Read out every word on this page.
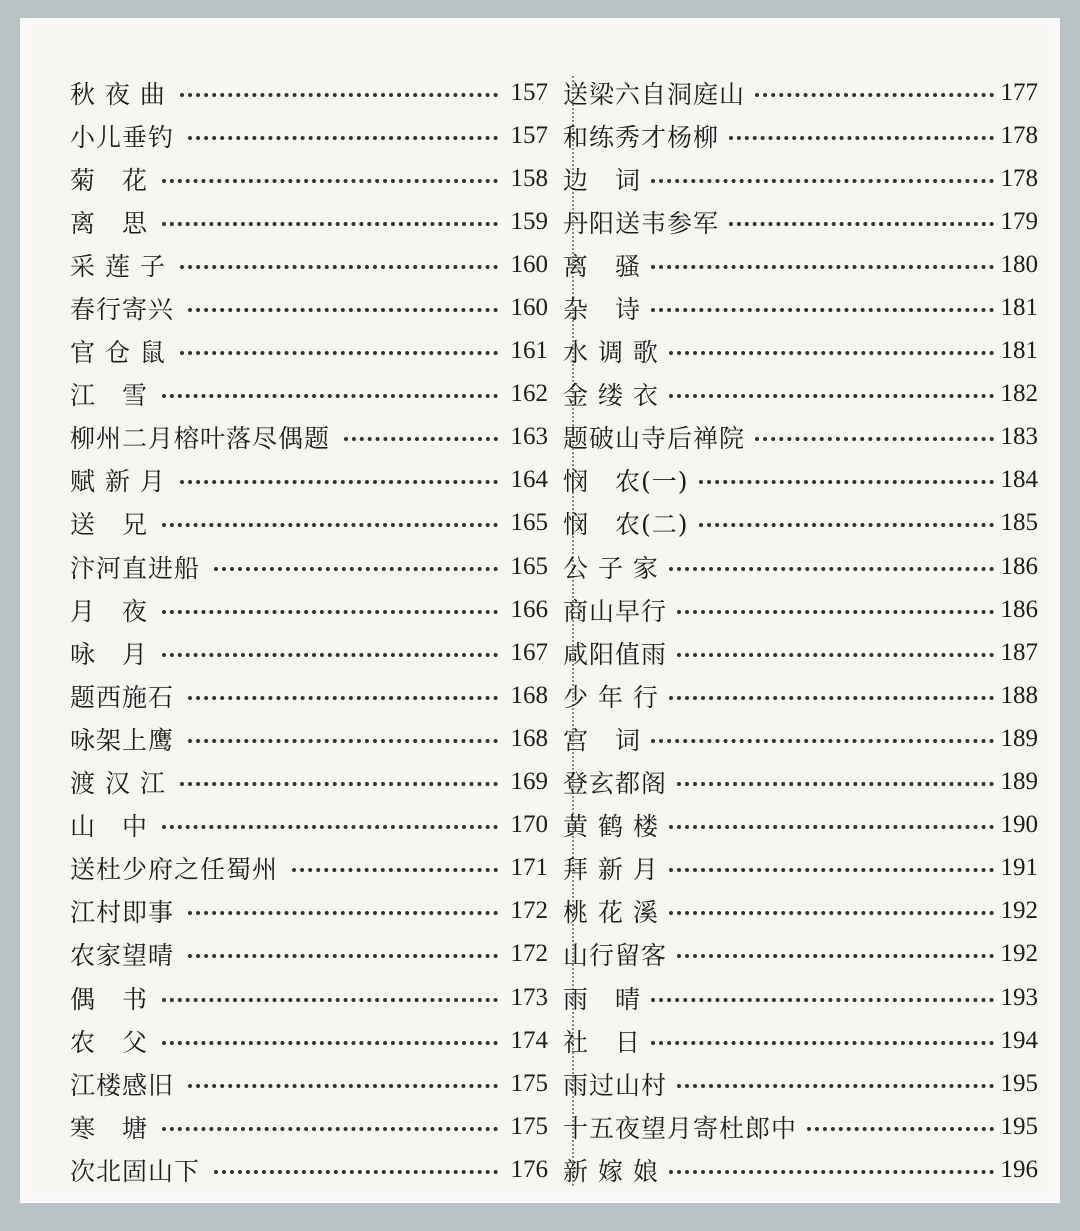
秋 夜 曲	157
小儿垂钓	157
菊　花	158
离　思	159
采 莲 子	160
春行寄兴	160
官 仓 鼠	161
江　雪	162
柳州二月榕叶落尽偶题	163
赋 新 月	164
送　兄	165
汴河直进船	165
月　夜	166
咏　月	167
题西施石	168
咏架上鹰	168
渡 汉 江	169
山　中	170
送杜少府之任蜀州	171
江村即事	172
农家望晴	172
偶　书	173
农　父	174
江楼感旧	175
寒　塘	175
次北固山下	176
送梁六自洞庭山	177
和练秀才杨柳	178
边　词	178
丹阳送韦参军	179
离　骚	180
杂　诗	181
水 调 歌	181
金 缕 衣	182
题破山寺后禅院	183
悯　农(一)	184
悯　农(二)	185
公 子 家	186
商山早行	186
咸阳值雨	187
少 年 行	188
宫　词	189
登玄都阁	189
黄 鹤 楼	190
拜 新 月	191
桃 花 溪	192
山行留客	192
雨　晴	193
社　日	194
雨过山村	195
十五夜望月寄杜郎中	195
新 嫁 娘	196
